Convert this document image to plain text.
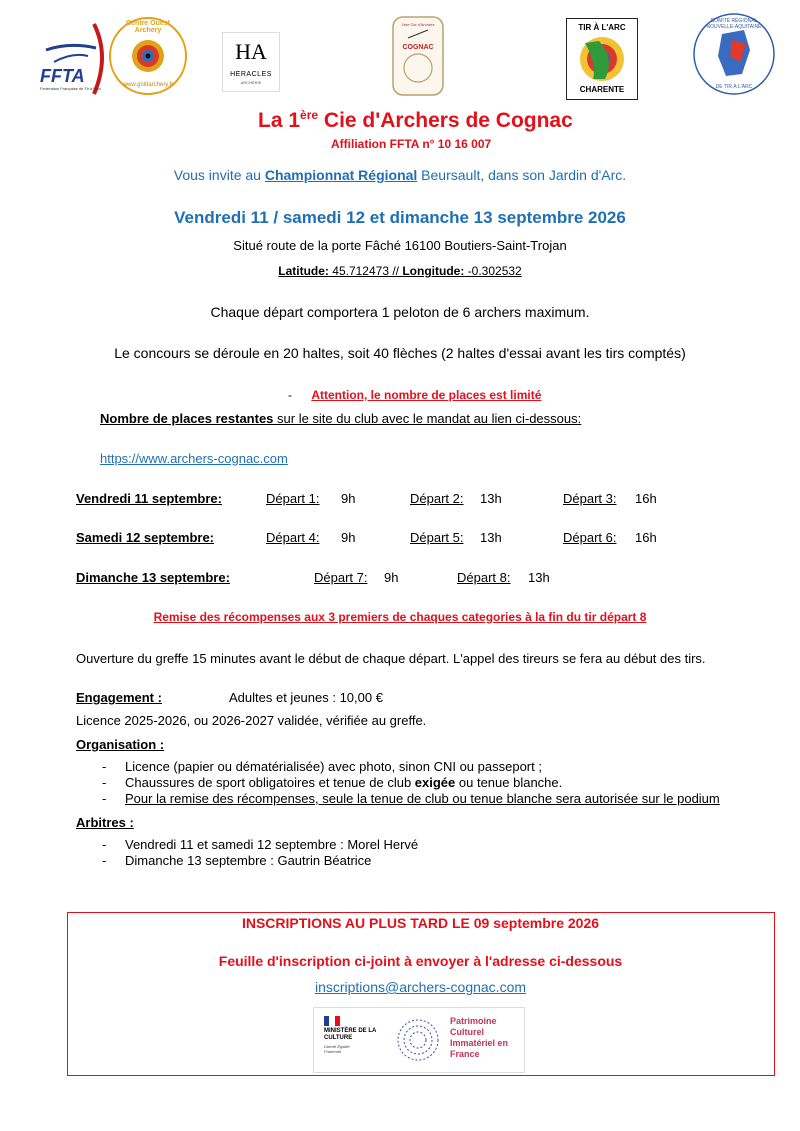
FFTA
Fédération Française de Tir à l'Arc
Centre Ouest Archery
www.goldarchery.fr
HA
HERACLES
ARCHERIE
1ère Cie d'Archers
COGNAC
TIR À L'ARC
CHARENTE
COMITÉ RÉGIONAL NOUVELLE-AQUITAINE
DE TIR À L'ARC
La 1ère Cie d'Archers de Cognac
Affiliation FFTA n° 10 16 007
Vous invite au Championnat Régional Beursault, dans son Jardin d'Arc.
Vendredi 11 / samedi 12 et dimanche 13 septembre 2026
Situé route de la porte Fâché 16100 Boutiers-Saint-Trojan
Latitude: 45.712473 // Longitude: -0.302532
Chaque départ comportera 1 peloton de 6 archers maximum.
Le concours se déroule en 20 haltes, soit 40 flèches (2 haltes d'essai avant les tirs comptés)
- Attention, le nombre de places est limité
Nombre de places restantes sur le site du club avec le mandat au lien ci-dessous:
https://www.archers-cognac.com
Vendredi 11 septembre:	Départ 1: 9h	Départ 2: 13h	Départ 3: 16h
Samedi 12 septembre:	Départ 4: 9h	Départ 5: 13h	Départ 6: 16h
Dimanche 13 septembre:	Départ 7: 9h	Départ 8: 13h
Remise des récompenses aux 3 premiers de chaques categories à la fin du tir départ 8
Ouverture du greffe 15 minutes avant le début de chaque départ. L'appel des tireurs se fera au début des tirs.
Engagement :	Adultes et jeunes : 10,00 €
Licence 2025-2026, ou 2026-2027 validée, vérifiée au greffe.
Organisation :
- Licence (papier ou dématérialisée) avec photo, sinon CNI ou passeport ;
- Chaussures de sport obligatoires et tenue de club exigée ou tenue blanche.
- Pour la remise des récompenses, seule la tenue de club ou tenue blanche sera autorisée sur le podium
Arbitres :
- Vendredi 11 et samedi 12 septembre : Morel Hervé
- Dimanche 13 septembre : Gautrin Béatrice
INSCRIPTIONS AU PLUS TARD LE 09 septembre 2026
Feuille d'inscription ci-joint à envoyer à l'adresse ci-dessous
inscriptions@archers-cognac.com
MINISTÈRE DE LA CULTURE
Liberté Égalité Fraternité
Patrimoine Culturel Immatériel en France
